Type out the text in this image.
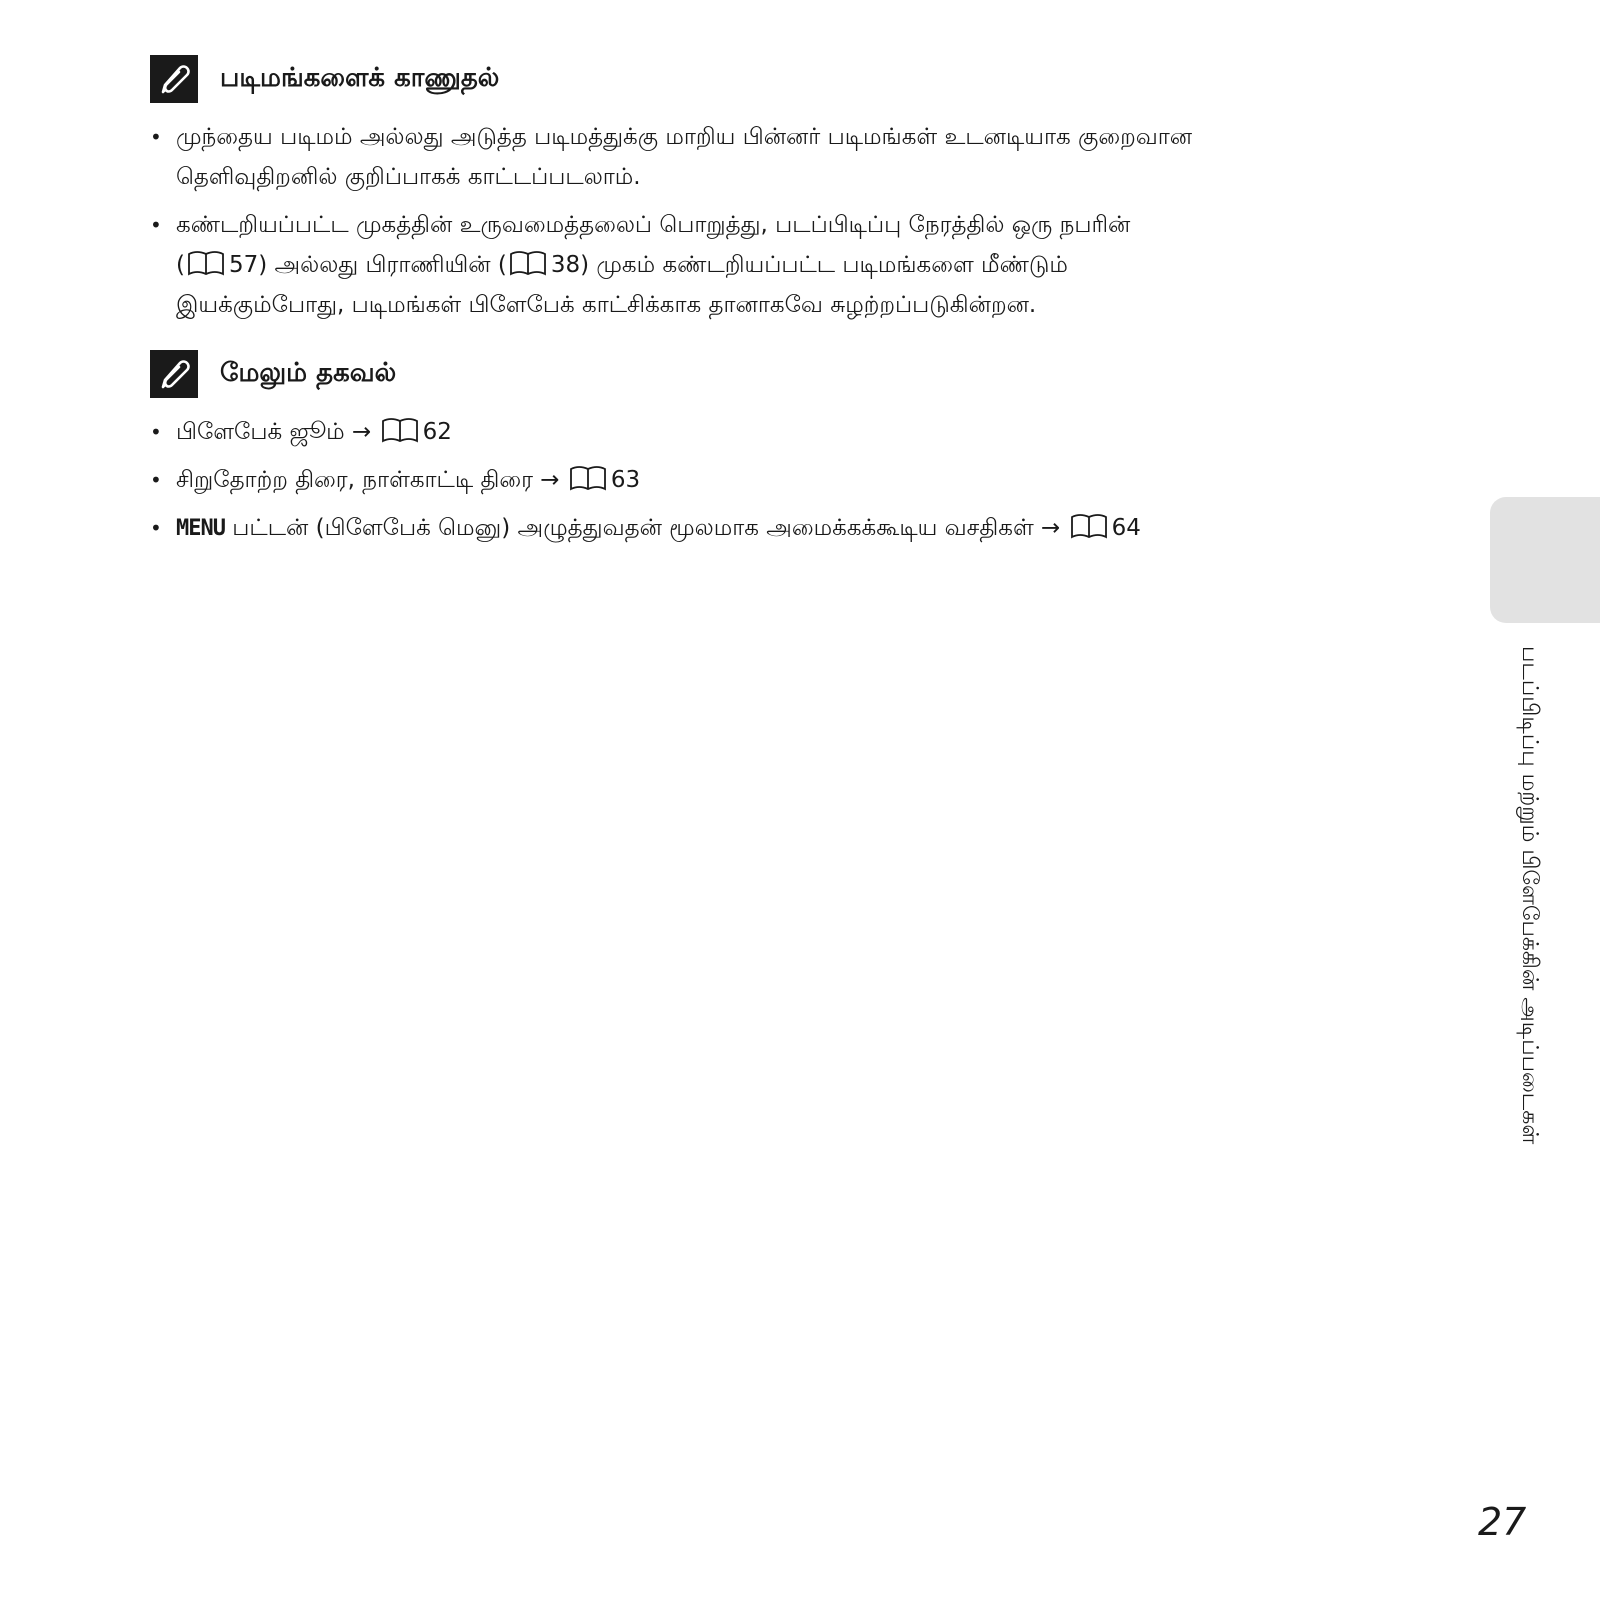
படிமங்களைக் காணுதல்
• முந்தைய படிமம் அல்லது அடுத்த படிமத்துக்கு மாறிய பின்னர் படிமங்கள் உடனடியாக குறைவான
தெளிவுதிறனில் குறிப்பாகக் காட்டப்படலாம்.
• கண்டறியப்பட்ட முகத்தின் உருவமைத்தலைப் பொறுத்து, படப்பிடிப்பு நேரத்தில் ஒரு நபரின்
( 57) அல்லது பிராணியின் ( 38) முகம் கண்டறியப்பட்ட படிமங்களை மீண்டும்
இயக்கும்போது, படிமங்கள் பிளேபேக் காட்சிக்காக தானாகவே சுழற்றப்படுகின்றன.
மேலும் தகவல்
• பிளேபேக் ஜூம் → 62
• சிறுதோற்ற திரை, நாள்காட்டி திரை → 63
• MENU பட்டன் (பிளேபேக் மெனு) அழுத்துவதன் மூலமாக அமைக்கக்கூடிய வசதிகள் → 64
படப்பிடிப்பு மற்றும் பிளேபேக்கின் அடிப்படைகள்
27
